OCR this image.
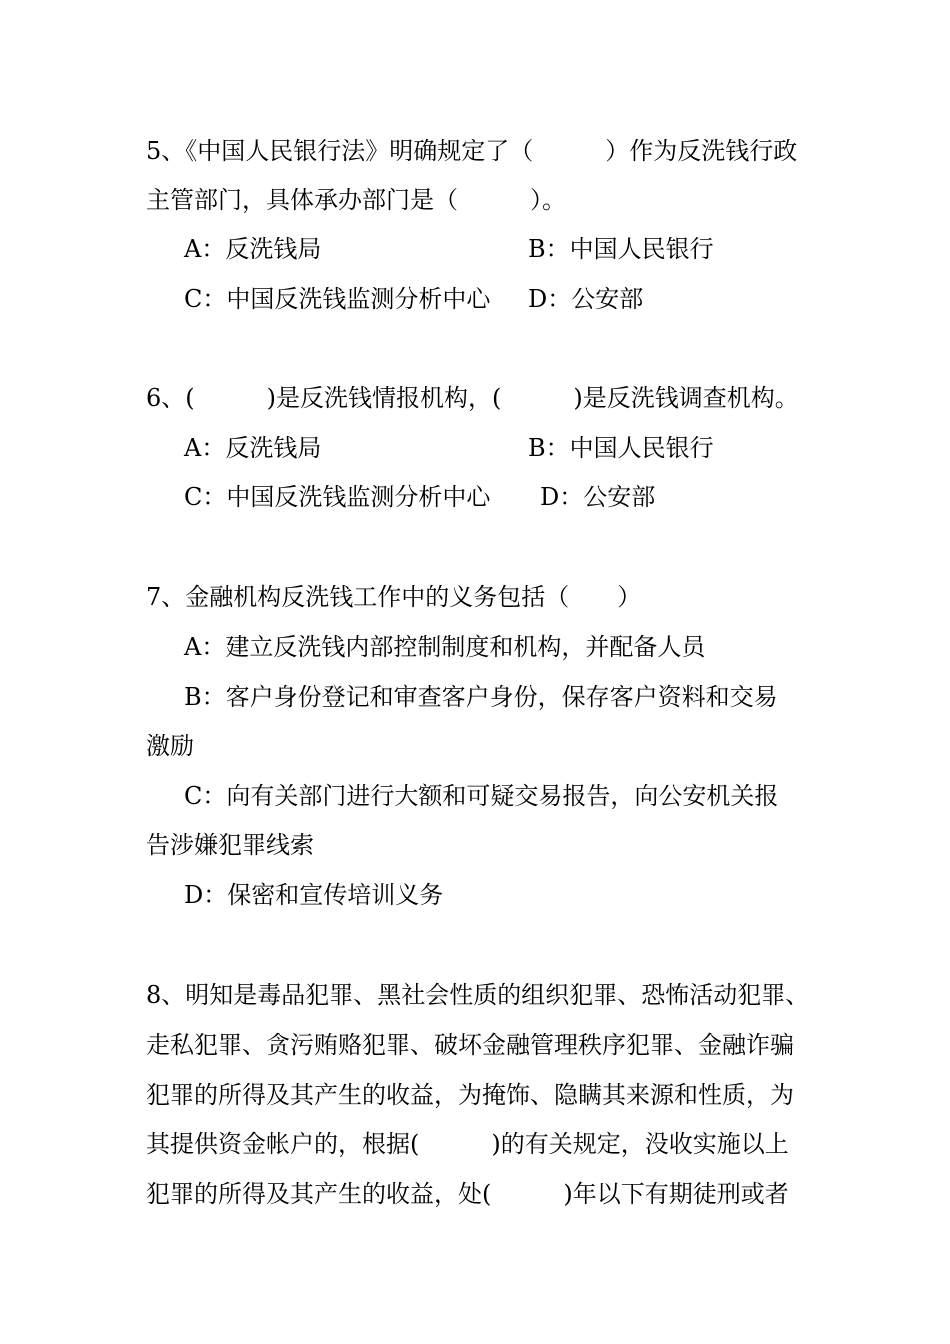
5、《中国人民银行法》明确规定了（　　　）作为反洗钱行政
主管部门，具体承办部门是（　　　）。
A：反洗钱局	B：中国人民银行
C：中国反洗钱监测分析中心 D：公安部
6、(　　　)是反洗钱情报机构，(　　　)是反洗钱调查机构。
A：反洗钱局	B：中国人民银行
C：中国反洗钱监测分析中心 D：公安部
7、金融机构反洗钱工作中的义务包括（　　）
A：建立反洗钱内部控制制度和机构，并配备人员
B：客户身份登记和审查客户身份，保存客户资料和交易
激励
C：向有关部门进行大额和可疑交易报告，向公安机关报
告涉嫌犯罪线索
D：保密和宣传培训义务
8、明知是毒品犯罪、黑社会性质的组织犯罪、恐怖活动犯罪、
走私犯罪、贪污贿赂犯罪、破坏金融管理秩序犯罪、金融诈骗
犯罪的所得及其产生的收益，为掩饰、隐瞒其来源和性质，为
其提供资金帐户的，根据(　　　)的有关规定，没收实施以上
犯罪的所得及其产生的收益，处(　　　)年以下有期徒刑或者
